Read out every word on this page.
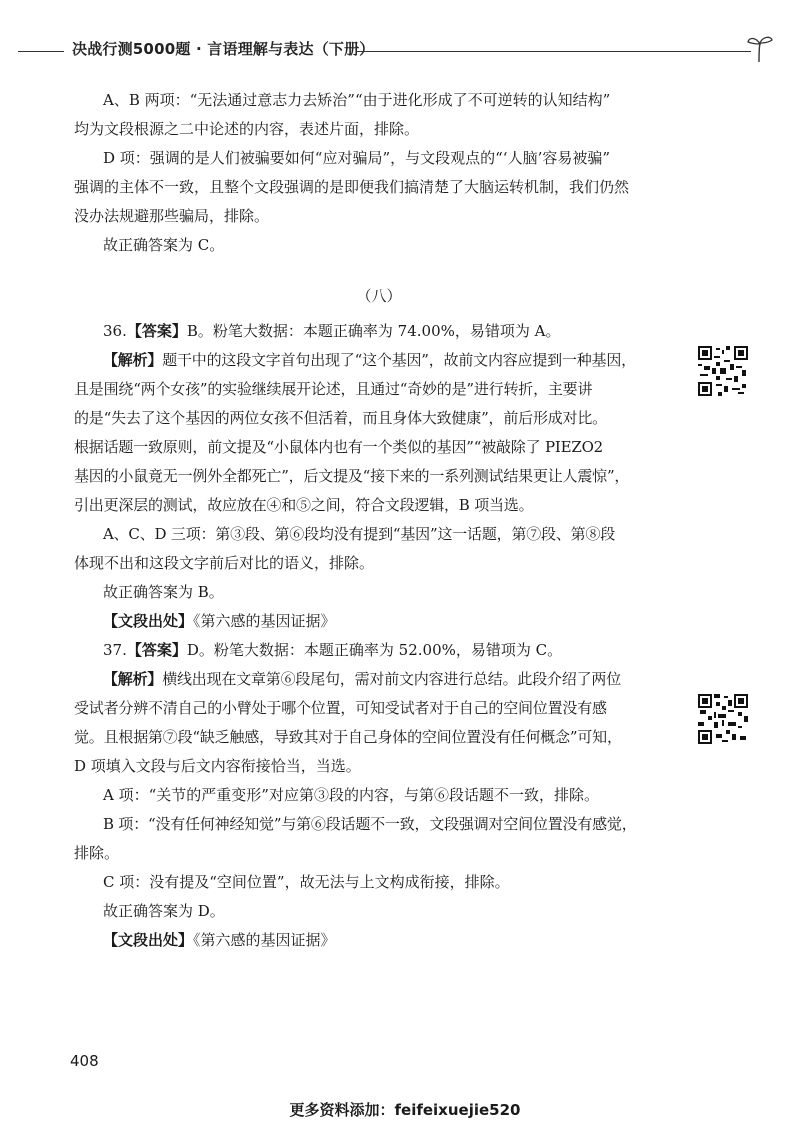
决战行测5000题 · 言语理解与表达（下册）

A、B 两项：“无法通过意志力去矫治”“由于进化形成了不可逆转的认知结构”

均为文段根源之二中论述的内容，表述片面，排除。

D 项：强调的是人们被骗要如何“应对骗局”，与文段观点的“‘人脑’容易被骗”

强调的主体不一致，且整个文段强调的是即便我们搞清楚了大脑运转机制，我们仍然

没办法规避那些骗局，排除。

故正确答案为 C。

（八）

36.【答案】B。粉笔大数据：本题正确率为 74.00%，易错项为 A。

【解析】题干中的这段文字首句出现了“这个基因”，故前文内容应提到一种基因，

且是围绕“两个女孩”的实验继续展开论述，且通过“奇妙的是”进行转折，主要讲

的是“失去了这个基因的两位女孩不但活着，而且身体大致健康”，前后形成对比。

根据话题一致原则，前文提及“小鼠体内也有一个类似的基因”“被敲除了 PIEZO2

基因的小鼠竟无一例外全都死亡”，后文提及“接下来的一系列测试结果更让人震惊”，

引出更深层的测试，故应放在④和⑤之间，符合文段逻辑，B 项当选。

A、C、D 三项：第③段、第⑥段均没有提到“基因”这一话题，第⑦段、第⑧段

体现不出和这段文字前后对比的语义，排除。

故正确答案为 B。

【文段出处】《第六感的基因证据》

37.【答案】D。粉笔大数据：本题正确率为 52.00%，易错项为 C。

【解析】横线出现在文章第⑥段尾句，需对前文内容进行总结。此段介绍了两位

受试者分辨不清自己的小臂处于哪个位置，可知受试者对于自己的空间位置没有感

觉。且根据第⑦段“缺乏触感，导致其对于自己身体的空间位置没有任何概念”可知，

D 项填入文段与后文内容衔接恰当，当选。

A 项：“关节的严重变形”对应第③段的内容，与第⑥段话题不一致，排除。

B 项：“没有任何神经知觉”与第⑥段话题不一致，文段强调对空间位置没有感觉，

排除。

C 项：没有提及“空间位置”，故无法与上文构成衔接，排除。

故正确答案为 D。

【文段出处】《第六感的基因证据》

408
更多资料添加：feifeixuejie520
